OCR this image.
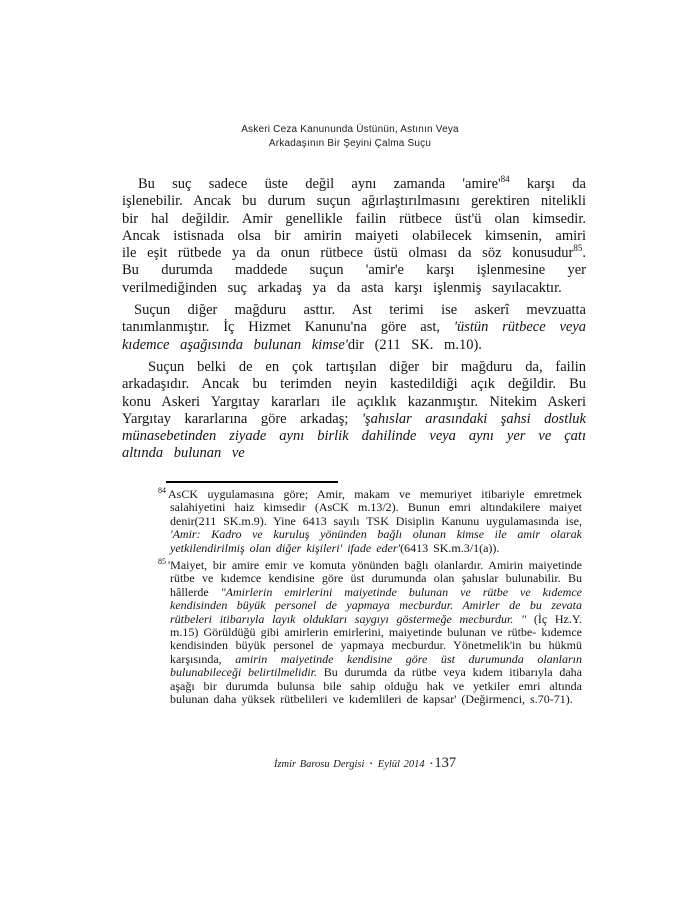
Askeri Ceza Kanununda Üstünün, Astının Veya
Arkadaşının Bir Şeyini Çalma Suçu

Bu suç sadece üste değil aynı zamanda 'amire'$^{84}$ karşı da işlenebilir. Ancak bu durum suçun ağırlaştırılmasını gerektiren nitelikli bir hal değildir. Amir genellikle failin rütbece üst'ü olan kimsedir. Ancak istisnada olsa bir amirin maiyeti olabilecek kimsenin, amiri ile eşit rütbede ya da onun rütbece üstü olması da söz konusudur$^{85}$. Bu durumda maddede suçun 'amir'e karşı işlenmesine yer verilmediğinden suç arkadaş ya da asta karşı işlenmiş sayılacaktır.

Suçun diğer mağduru asttır. Ast terimi ise askerî mevzuatta tanımlanmıştır. İç Hizmet Kanunu'na göre ast, 'üstün rütbece veya kıdemce aşağısında bulunan kimse'dir (211 SK. m.10).

Suçun belki de en çok tartışılan diğer bir mağduru da, failin arkadaşıdır. Ancak bu terimden neyin kastedildiği açık değildir. Bu konu Askeri Yargıtay kararları ile açıklık kazanmıştır. Nitekim Askeri Yargıtay kararlarına göre arkadaş; 'şahıslar arasındaki şahsi dostluk münasebetinden ziyade aynı birlik dahilinde veya aynı yer ve çatı altında bulunan ve

$^{84}$ AsCK uygulamasına göre; Amir, makam ve memuriyet itibariyle emretmek salahiyetini haiz kimsedir (AsCK m.13/2). Bunun emri altındakilere maiyet denir(211 SK.m.9). Yine 6413 sayılı TSK Disiplin Kanunu uygulamasında ise, 'Amir: Kadro ve kuruluş yönünden bağlı olunan kimse ile amir olarak yetkilendirilmiş olan diğer kişileri' ifade eder'(6413 SK.m.3/1(a)).
$^{85}$ 'Maiyet, bir amire emir ve komuta yönünden bağlı olanlardır. Amirin maiyetinde rütbe ve kıdemce kendisine göre üst durumunda olan şahıslar bulunabilir. Bu hâllerde "Amirlerin emirlerini maiyetinde bulunan ve rütbe ve kıdemce kendisinden büyük personel de yapmaya mecburdur. Amirler de bu zevata rütbeleri itibarıyla layık oldukları saygıyı göstermeğe mecburdur. " (İç Hz.Y. m.15) Görüldüğü gibi amirlerin emirlerini, maiyetinde bulunan ve rütbe- kıdemce kendisinden büyük personel de yapmaya mecburdur. Yönetmelik'in bu hükmü karşısında, amirin maiyetinde kendisine göre üst durumunda olanların bulunabileceği belirtilmelidir. Bu durumda da rütbe veya kıdem itibarıyla daha aşağı bir durumda bulunsa bile sahip olduğu hak ve yetkiler emri altında bulunan daha yüksek rütbelileri ve kıdemlileri de kapsar' (Değirmenci, s.70-71).
İzmir Barosu Dergisi ▪ Eylül 2014 ▪ 137
